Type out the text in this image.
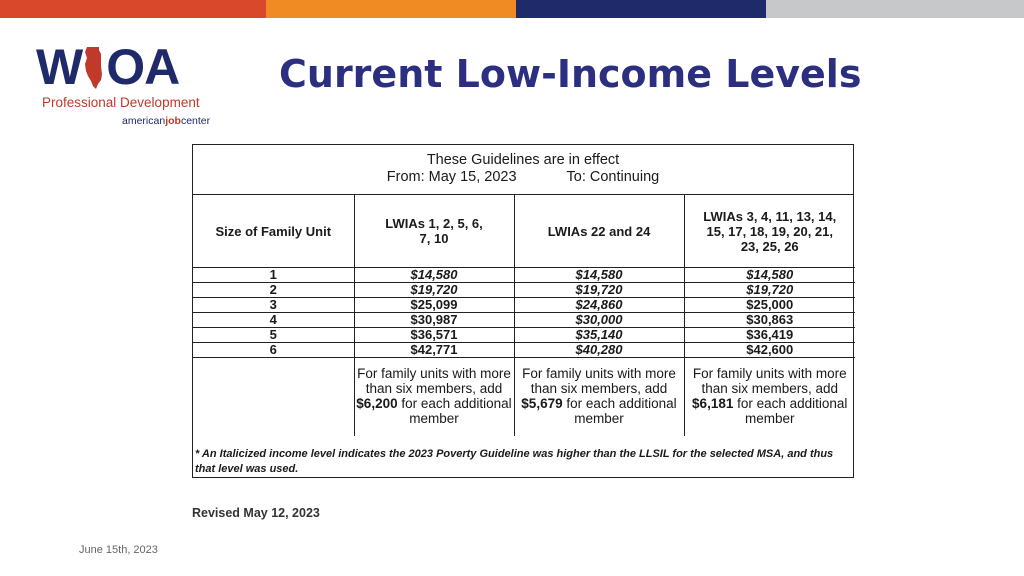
W OA
Professional Development
americanjobcenter
Current Low-Income Levels
These Guidelines are in effect
From: May 15, 2023	To: Continuing
Size of Family Unit	LWIAs 1, 2, 5, 6, 7, 10	LWIAs 22 and 24	LWIAs 3, 4, 11, 13, 14, 15, 17, 18, 19, 20, 21, 23, 25, 26

1	$14,580	$14,580	$14,580
2	$19,720	$19,720	$19,720
3	$25,099	$24,860	$25,000
4	$30,987	$30,000	$30,863
5	$36,571	$35,140	$36,419
6	$42,771	$40,280	$42,600
	For family units with more than six members, add $6,200 for each additional member	For family units with more than six members, add $5,679 for each additional member	For family units with more than six members, add $6,181 for each additional member
* An Italicized income level indicates the 2023 Poverty Guideline was higher than the LLSIL for the selected MSA, and thus that level was used.
Revised May 12, 2023
June 15th, 2023
